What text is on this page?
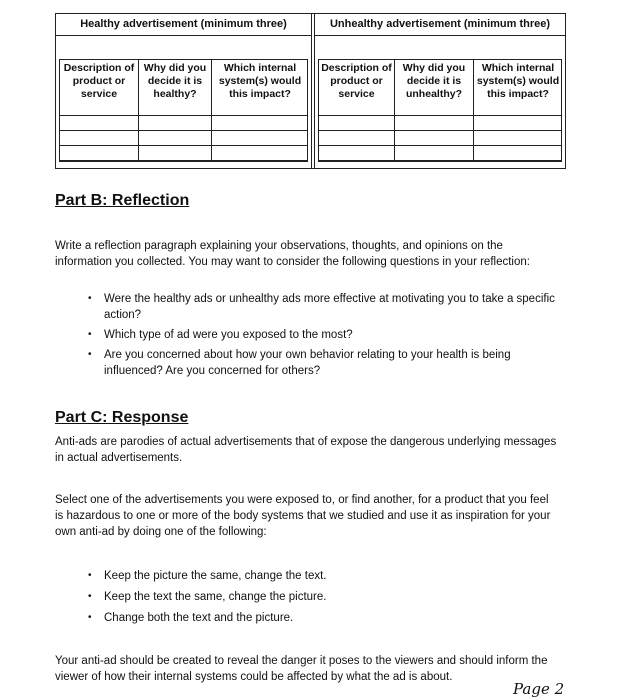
Healthy advertisement (minimum three)
Description of product or service
Why did you decide it is healthy?
Which internal system(s) would this impact?
Unhealthy advertisement (minimum three)
Description of product or service
Why did you decide it is unhealthy?
Which internal system(s) would this impact?
Part B: Reflection
Write a reflection paragraph explaining your observations, thoughts, and opinions on the information you collected. You may want to consider the following questions in your reflection:
• Were the healthy ads or unhealthy ads more effective at motivating you to take a specific action?
• Which type of ad were you exposed to the most?
• Are you concerned about how your own behavior relating to your health is being influenced? Are you concerned for others?
Part C: Response
Anti-ads are parodies of actual advertisements that of expose the dangerous underlying messages in actual advertisements.
Select one of the advertisements you were exposed to, or find another, for a product that you feel is hazardous to one or more of the body systems that we studied and use it as inspiration for your own anti-ad by doing one of the following:
• Keep the picture the same, change the text.
• Keep the text the same, change the picture.
• Change both the text and the picture.
Your anti-ad should be created to reveal the danger it poses to the viewers and should inform the viewer of how their internal systems could be affected by what the ad is about.
Page 2
